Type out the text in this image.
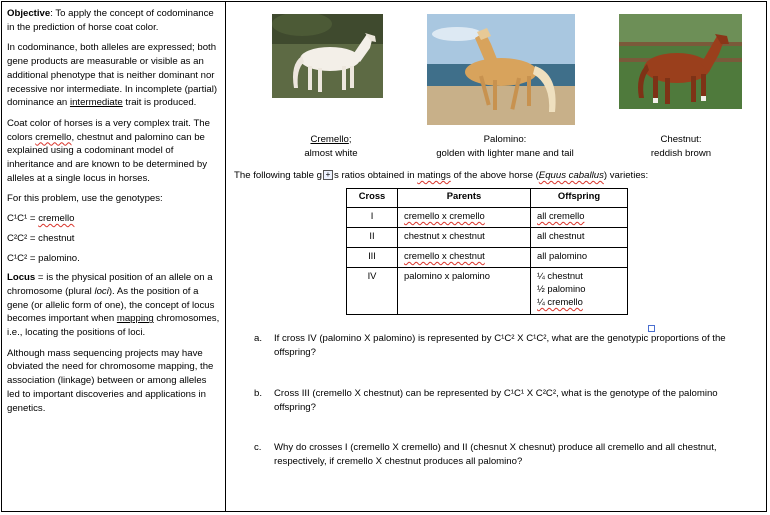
Objective: To apply the concept of codominance in the prediction of horse coat color.

In codominance, both alleles are expressed; both gene products are measurable or visible as an additional phenotype that is neither dominant nor recessive nor intermediate. In incomplete (partial) dominance an intermediate trait is produced.

Coat color of horses is a very complex trait. The colors cremello, chestnut and palomino can be explained using a codominant model of inheritance and are known to be determined by alleles at a single locus in horses.

For this problem, use the genotypes:

C¹C¹ = cremello

C²C² = chestnut

C¹C² = palomino.

Locus = is the physical position of an allele on a chromosome (plural loci). As the position of a gene (or allelic form of one), the concept of locus becomes important when mapping chromosomes, i.e., locating the positions of loci.

Although mass sequencing projects may have obviated the need for chromosome mapping, the association (linkage) between or among alleles led to important discoveries and applications in genetics.

Cremello;
almost white
Palomino:
golden with lighter mane and tail
Chestnut:
reddish brown
The following table g + s ratios obtained in matings of the above horse (Equus caballus) varieties:
Cross	Parents	Offspring
I	cremello x cremello	all cremello
II	chestnut x chestnut	all chestnut
III	cremello x chestnut	all palomino
IV	palomino x palomino	¼ chestnut
½ palomino
¼ cremello
a. If cross IV (palomino X palomino) is represented by C¹C² X C¹C², what are the genotypic proportions of the offspring?
b. Cross III (cremello X chestnut) can be represented by C¹C¹ X C²C², what is the genotype of the palomino offspring?
c. Why do crosses I (cremello X cremello) and II (chesnut X chesnut) produce all cremello and all chestnut, respectively, if cremello X chestnut produces all palomino?
